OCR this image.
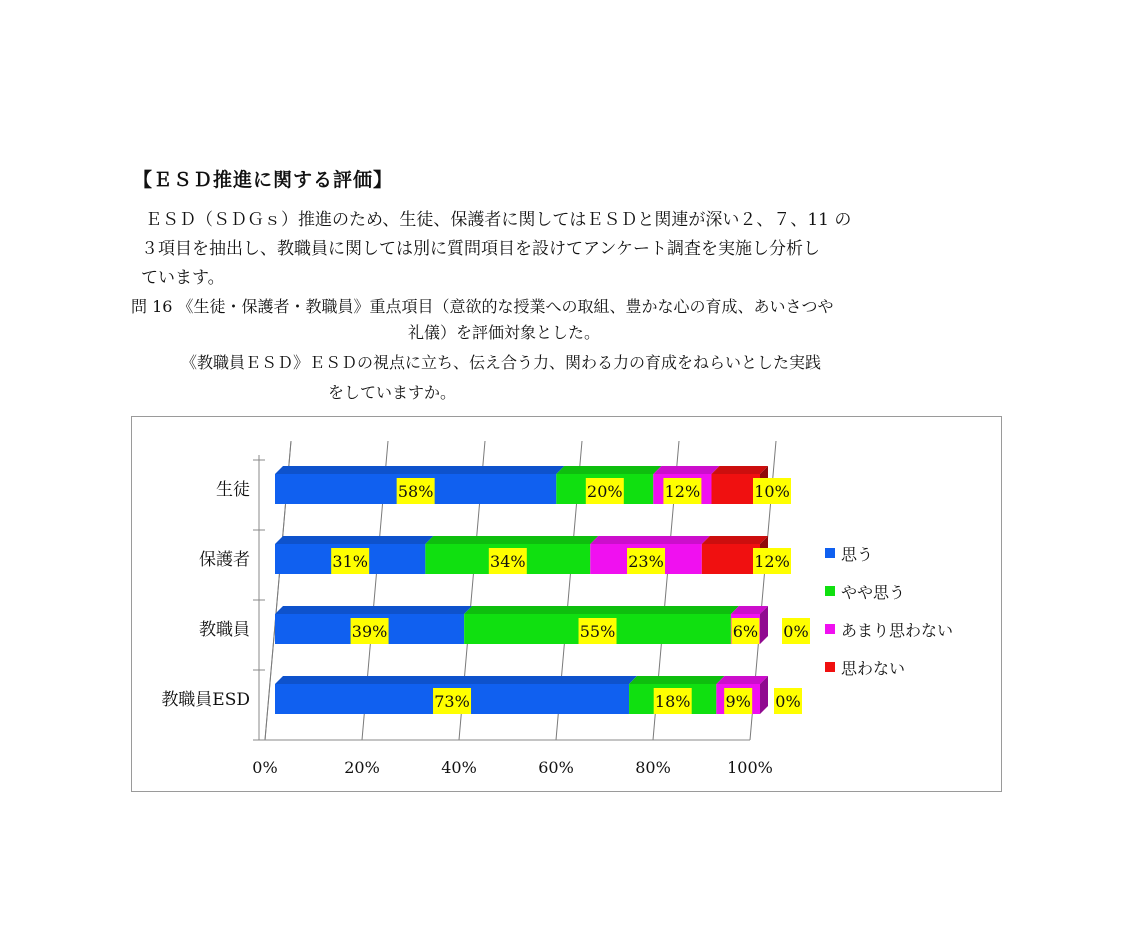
【ＥＳＤ推進に関する評価】

ＥＳＤ（ＳＤＧｓ）推進のため、生徒、保護者に関してはＥＳＤと関連が深い２、７、11 の

３項目を抽出し、教職員に関しては別に質問項目を設けてアンケート調査を実施し分析し

ています。

問 16 《生徒・保護者・教職員》重点項目（意欲的な授業への取組、豊かな心の育成、あいさつや
礼儀）を評価対象とした。
《教職員ＥＳＤ》ＥＳＤの視点に立ち、伝え合う力、関わる力の育成をねらいとした実践
をしていますか。
0%	20%	40%	60%	80%	100%
生徒	58%	20%	12%	10%
保護者	31%	34%	23%	12%
教職員	39%	55%	6% 0%
教職員ESD	73%	18% 9% 0%
思う
やや思う
あまり思わない
思わない
